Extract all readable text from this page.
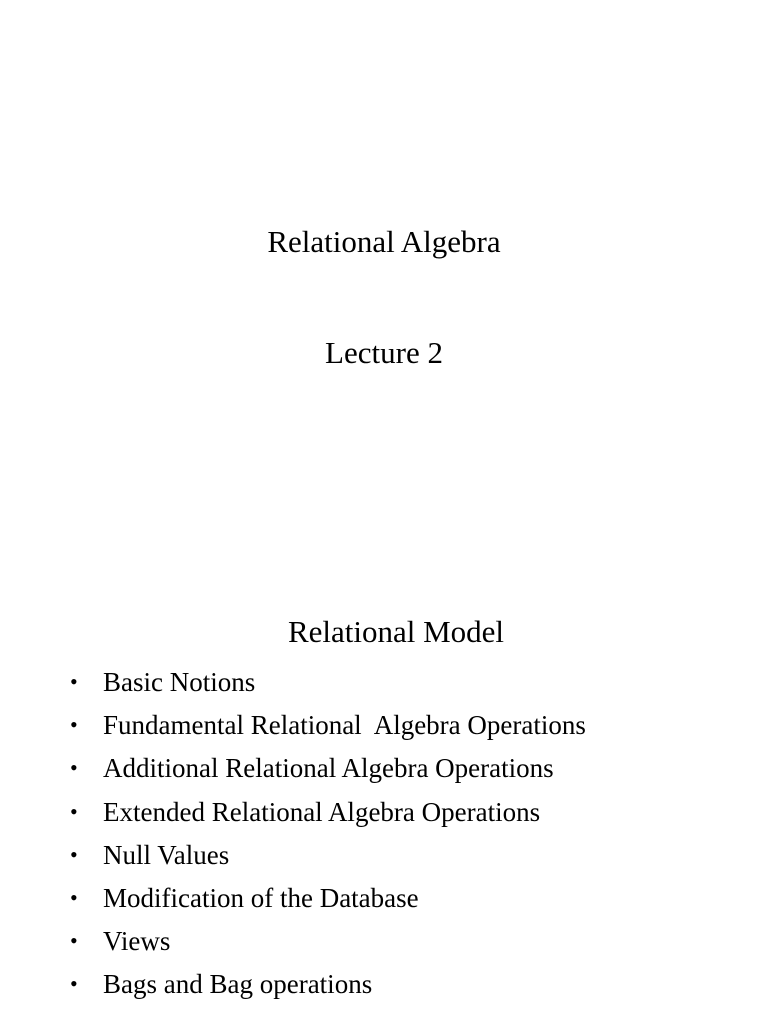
Relational Algebra
Lecture 2
Relational Model
• Basic Notions
• Fundamental Relational  Algebra Operations
• Additional Relational Algebra Operations
• Extended Relational Algebra Operations
• Null Values
• Modification of the Database
• Views
• Bags and Bag operations
